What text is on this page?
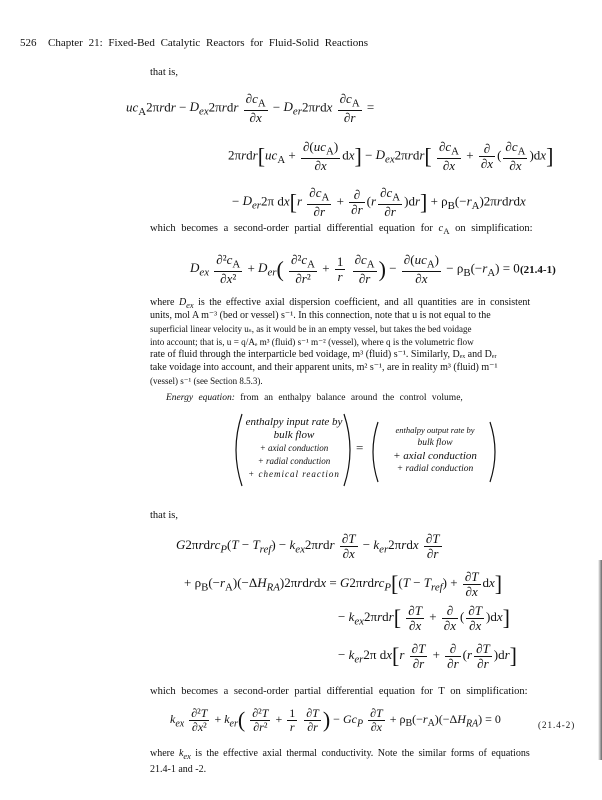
526 Chapter 21: Fixed-Bed Catalytic Reactors for Fluid-Solid Reactions
that is,
$uc_A2\pi rdr - D_{ex}2\pi rdr \frac{\partial c_A}{\partial x} - D_{er}2\pi rdx \frac{\partial c_A}{\partial r}$ =
$2\pi rdr[uc_A + \frac{\partial(uc_A)}{\partial x} dx] - D_{ex}2\pi rdr[ \frac{\partial c_A}{\partial x} + \frac{\partial}{\partial x}$ ( $\frac{\partial c_A}{\partial x} )dx$]
− $D_{er}2\pi$ $dx[r \frac{\partial c_A}{\partial r} + \frac{\partial}{\partial r} (r \frac{\partial c_A}{\partial r} )dr]$ + $\rho_B(-r_A)2\pi rdrdx$
which becomes a second-order partial differential equation for $c_A$ on simplification:
$D_{ex} \frac{\partial^2c_A}{\text{∂x²}} + D_{er}( \frac{\partial^2c_A}{\text{∂r²}} + \frac{1}{r}$
$\frac{\partial c_A}{\partial r}$ ) − $\frac{\partial(uc_A)}{\partial x} - \rho_B(-r_A) = 0$ (21.4-1)
where $D_{ex}$ is the effective axial dispersion coefficient, and all quantities are in consistent
units, mol A m⁻³ (bed or vessel) s⁻¹. In this connection, note that u is not equal to the
superficial linear velocity uₛ, as it would be in an empty vessel, but takes the bed voidage
into account; that is, u = q/Aₑ m³ (fluid) s⁻¹ m⁻² (vessel), where q is the volumetric flow
rate of fluid through the interparticle bed voidage, m³ (fluid) s⁻¹. Similarly, Dₑₓ and Dₑᵣ
take voidage into account, and their apparent units, m² s⁻¹, are in reality m³ (fluid) m⁻¹
(vessel) s⁻¹ (see Section 8.5.3).
Energy equation: from an enthalpy balance around the control volume,
enthalpy input rate by
bulk flow
+ axial conduction
+ radial conduction
+ chemical reaction
=
enthalpy output rate by
bulk flow
+ axial conduction
+ radial conduction
that is,
G2πrdrc$_P$(T − $T_{ref}) - k_{ex}2\pi rdr \frac{\partial T}{\partial x} - k_{er}2\pi rdx \frac{\partial T}{\partial r}$
+ $\rho_B(-r_A)(-\Delta H_{RA})2\pi rdrdx$ = G2πrdrc$_P$[(T − $T_{ref}) + \frac{\partial T}{\partial x} dx$]
− $k_{ex}2\pi rdr[ \frac{\partial T}{\partial x} + \frac{\partial}{\partial x}$ ( $\frac{\partial T}{\partial x} )dx$]
− $k_{er}2\pi$ $dx[r \frac{\partial T}{\partial r} + \frac{\partial}{\partial r} (r \frac{\partial T}{\partial r} )dr]$
which becomes a second-order partial differential equation for T on simplification:
$k_{ex} \frac{\text{∂²T}}{\text{∂x²}} + k_{er}( \frac{\text{∂²T}}{\text{∂r²}} + \frac{1}{r}$
$\frac{\partial T}{\partial r}$ ) − $Gc_P \frac{\partial T}{\partial x} + \rho_B(-r_A)(-\Delta H_{RA}) = 0$	(21.4-2)
where $k_{ex}$ is the effective axial thermal conductivity. Note the similar forms of equations
21.4-1 and -2.
